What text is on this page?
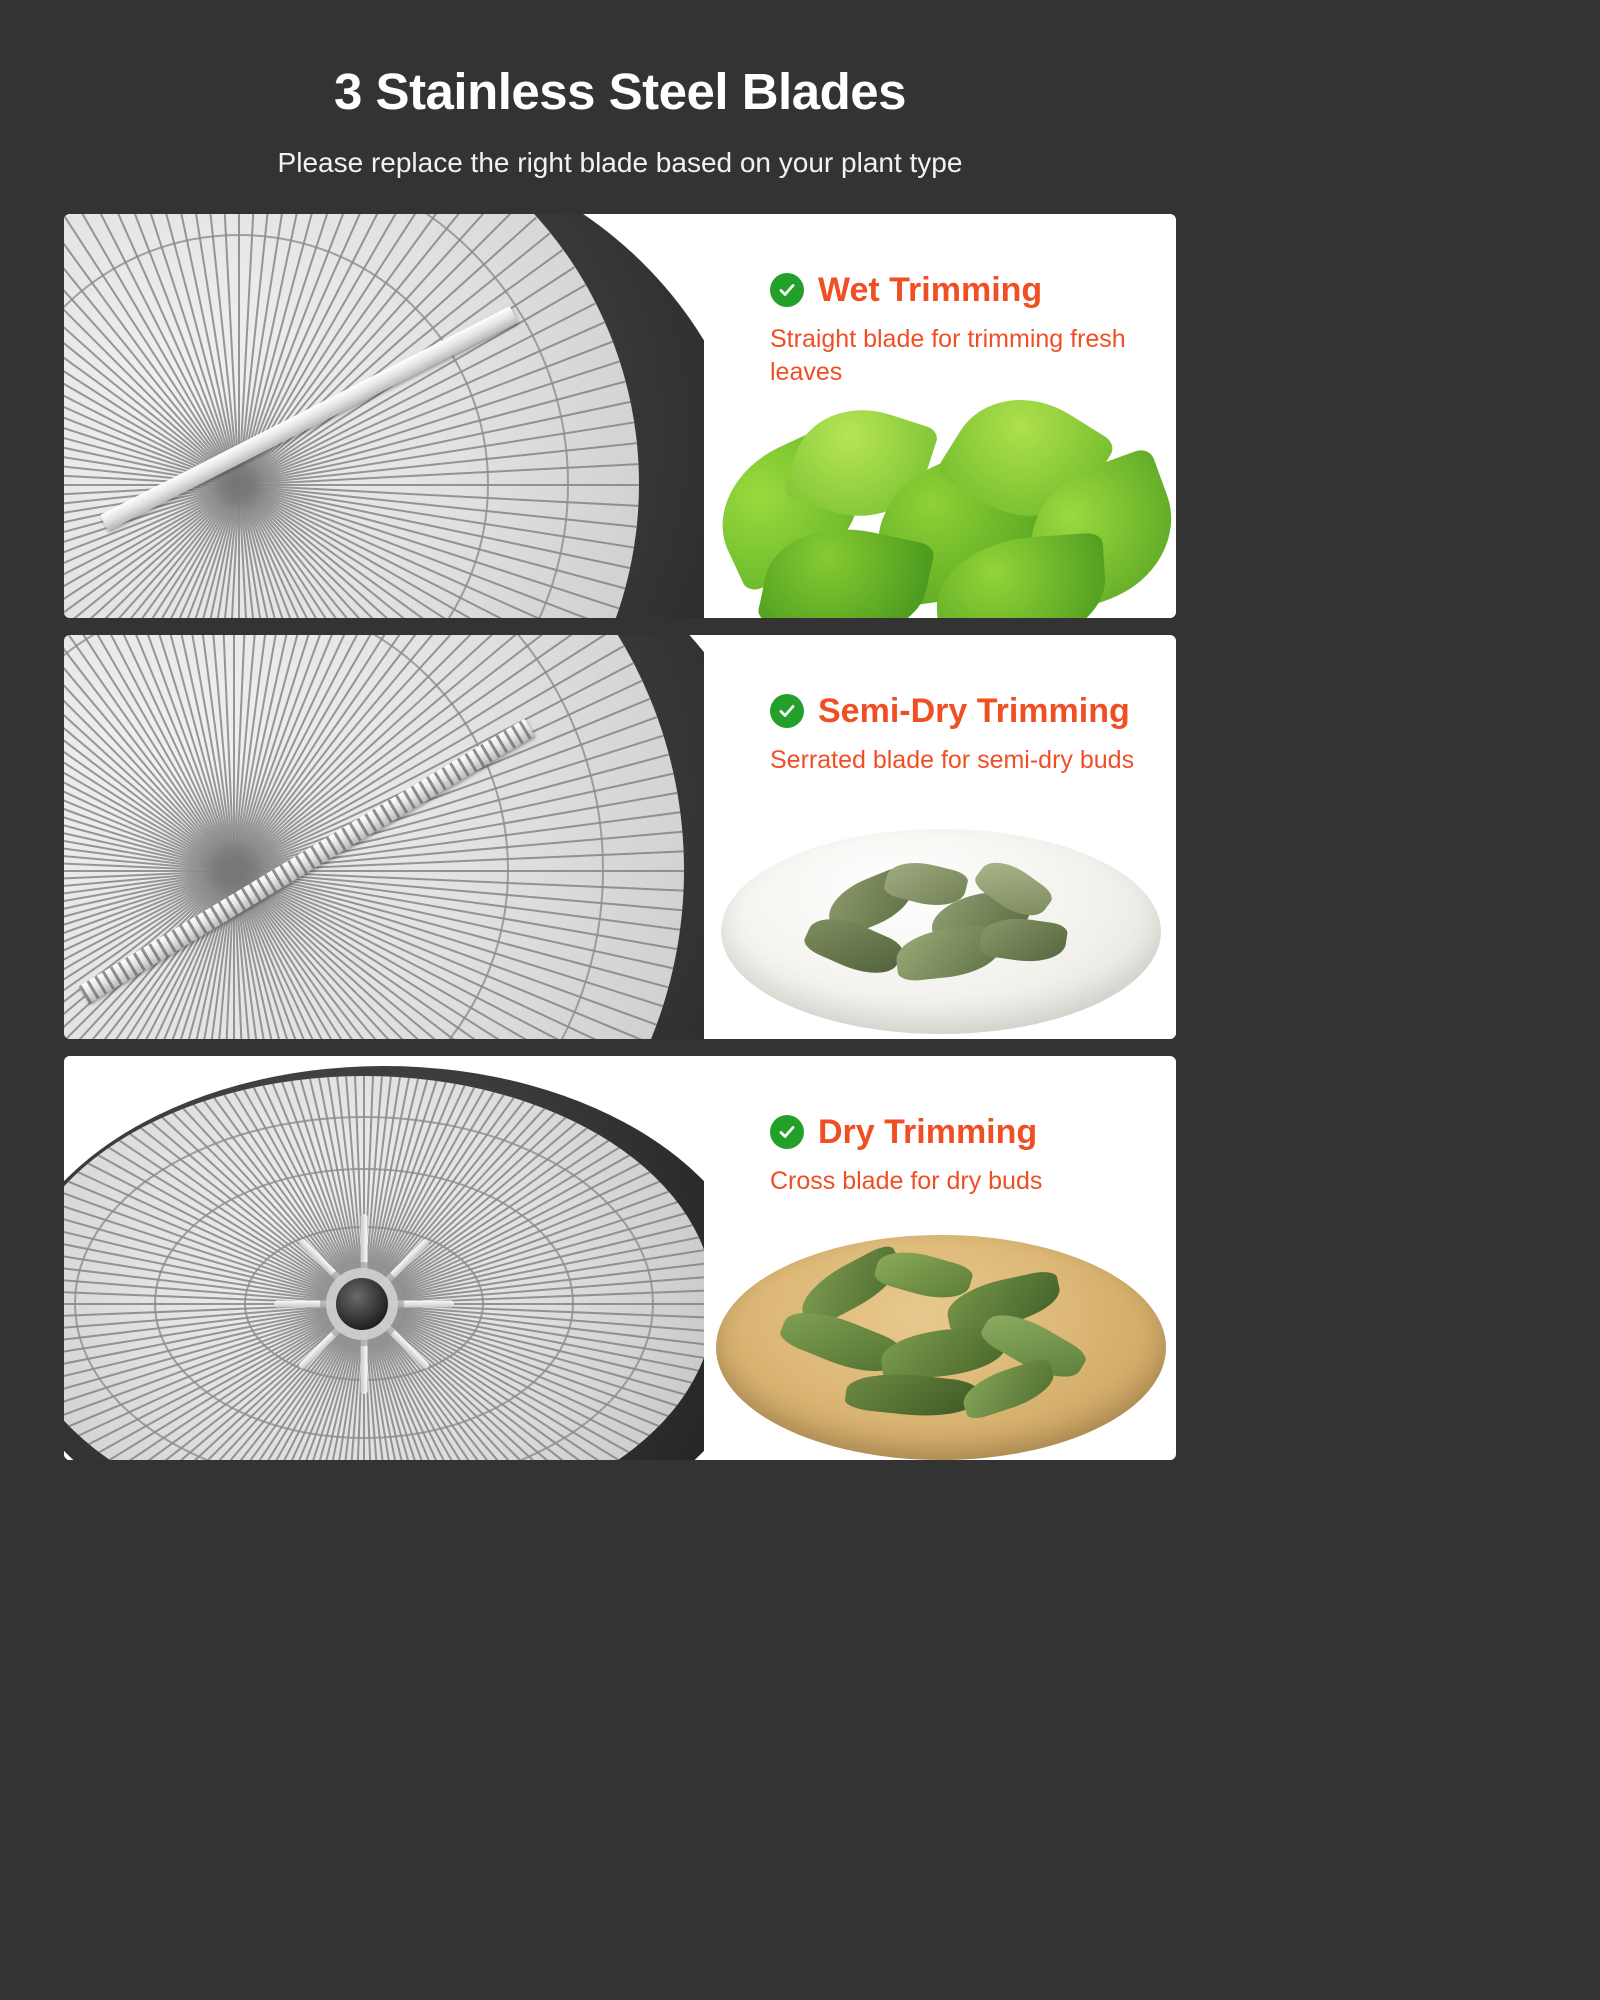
3 Stainless Steel Blades
Please replace the right blade based on your plant type
Wet Trimming
Straight blade for trimming fresh leaves
Semi-Dry Trimming
Serrated blade for semi-dry buds
Dry Trimming
Cross blade for dry buds
